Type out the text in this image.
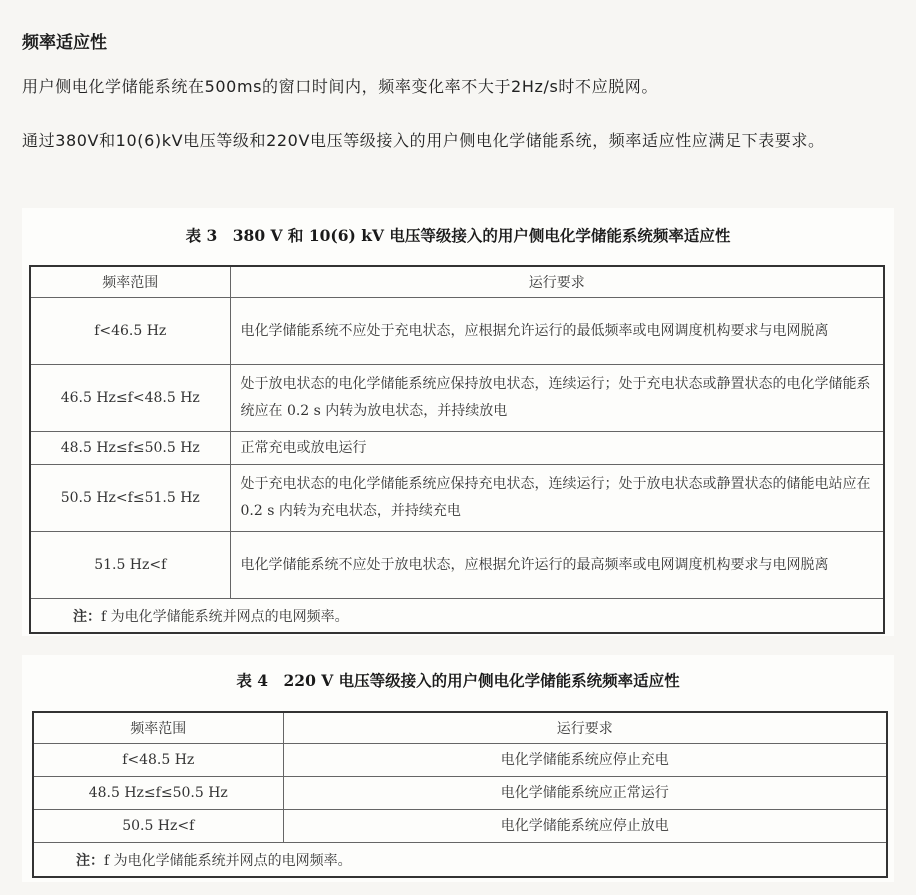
频率适应性
用户侧电化学储能系统在500ms的窗口时间内，频率变化率不大于2Hz/s时不应脱网。
通过380V和10(6)kV电压等级和220V电压等级接入的用户侧电化学储能系统，频率适应性应满足下表要求。
表 3　380 V 和 10(6) kV 电压等级接入的用户侧电化学储能系统频率适应性
频率范围	运行要求
f<46.5 Hz	电化学储能系统不应处于充电状态，应根据允许运行的最低频率或电网调度机构要求与电网脱离
46.5 Hz≤f<48.5 Hz	处于放电状态的电化学储能系统应保持放电状态，连续运行；处于充电状态或静置状态的电化学储能系统应在 0.2 s 内转为放电状态，并持续放电
48.5 Hz≤f≤50.5 Hz	正常充电或放电运行
50.5 Hz<f≤51.5 Hz	处于充电状态的电化学储能系统应保持充电状态，连续运行；处于放电状态或静置状态的储能电站应在 0.2 s 内转为充电状态，并持续充电
51.5 Hz<f	电化学储能系统不应处于放电状态，应根据允许运行的最高频率或电网调度机构要求与电网脱离
注：f 为电化学储能系统并网点的电网频率。	
表 4　220 V 电压等级接入的用户侧电化学储能系统频率适应性
频率范围	运行要求
f<48.5 Hz	电化学储能系统应停止充电
48.5 Hz≤f≤50.5 Hz	电化学储能系统应正常运行
50.5 Hz<f	电化学储能系统应停止放电
注：f 为电化学储能系统并网点的电网频率。	
